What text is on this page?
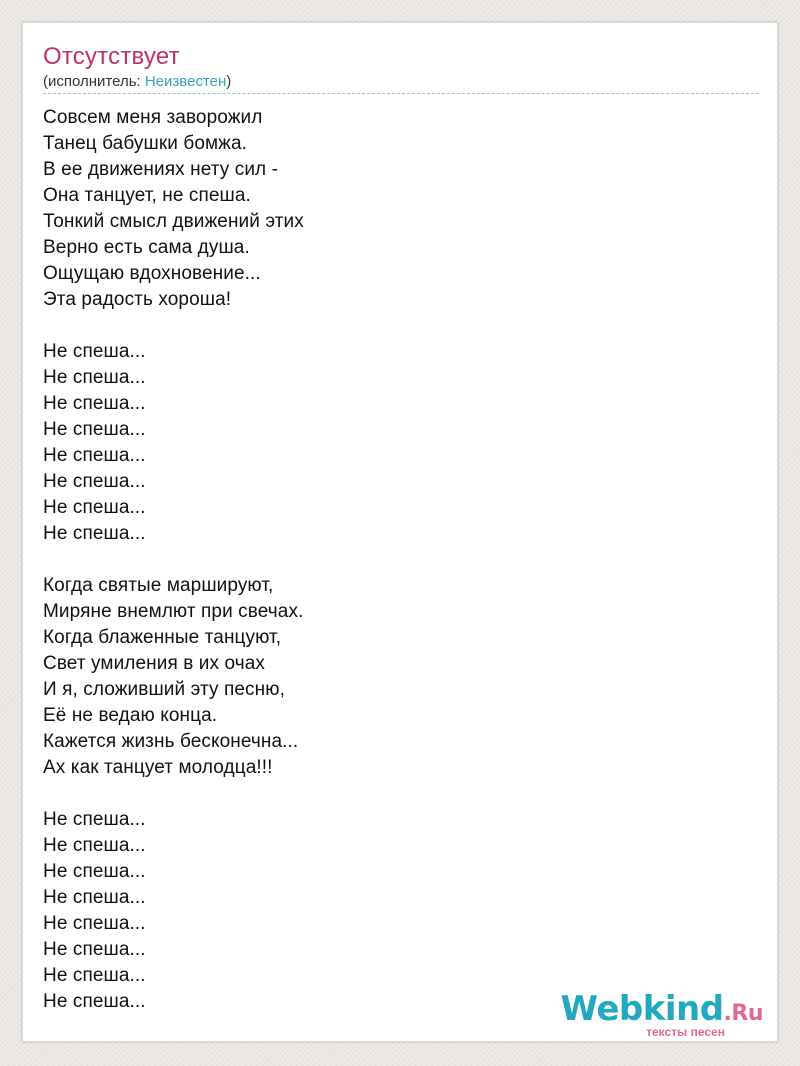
Отсутствует
(исполнитель: Неизвестен)
Совсем меня заворожил
Танец бабушки бомжа.
В ее движениях нету сил -
Она танцует, не спеша.
Тонкий смысл движений этих
Верно есть сама душа.
Ощущаю вдохновение...
Эта радость хороша!
Не спеша...
Не спеша...
Не спеша...
Не спеша...
Не спеша...
Не спеша...
Не спеша...
Не спеша...
Когда святые маршируют,
Миряне внемлют при свечах.
Когда блаженные танцуют,
Свет умиления в их очах
И я, сложивший эту песню,
Её не ведаю конца.
Кажется жизнь бесконечна...
Ах как танцует молодца!!!
Не спеша...
Не спеша...
Не спеша...
Не спеша...
Не спеша...
Не спеша...
Не спеша...
Не спеша...	Webkind.Ru
тексты песен
